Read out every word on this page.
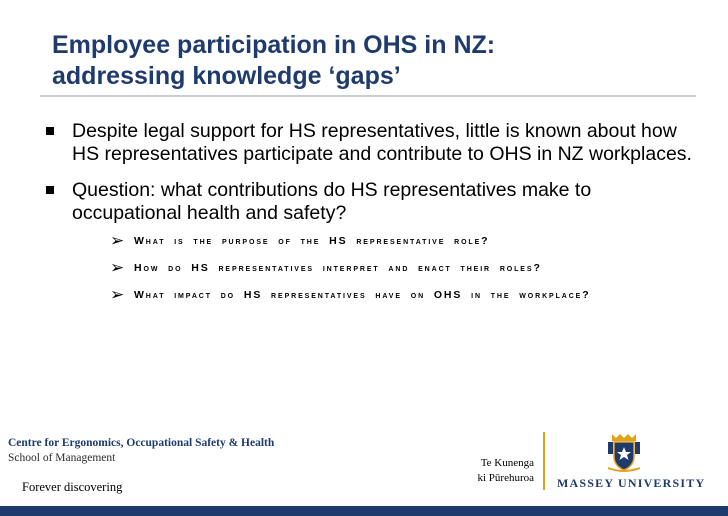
Employee participation in OHS in NZ:
addressing knowledge ‘gaps’
Despite legal support for HS representatives, little is known about how HS representatives participate and contribute to OHS in NZ workplaces.
Question: what contributions do HS representatives make to occupational health and safety?
➢ What is the purpose of the HS representative role?
➢ How do HS representatives interpret and enact their roles?
➢ What impact do HS representatives have on OHS in the workplace?
Centre for Ergonomics, Occupational Safety & Health
School of Management
Forever discovering
Te Kunenga
ki Pūrehuroa MASSEY UNIVERSITY
